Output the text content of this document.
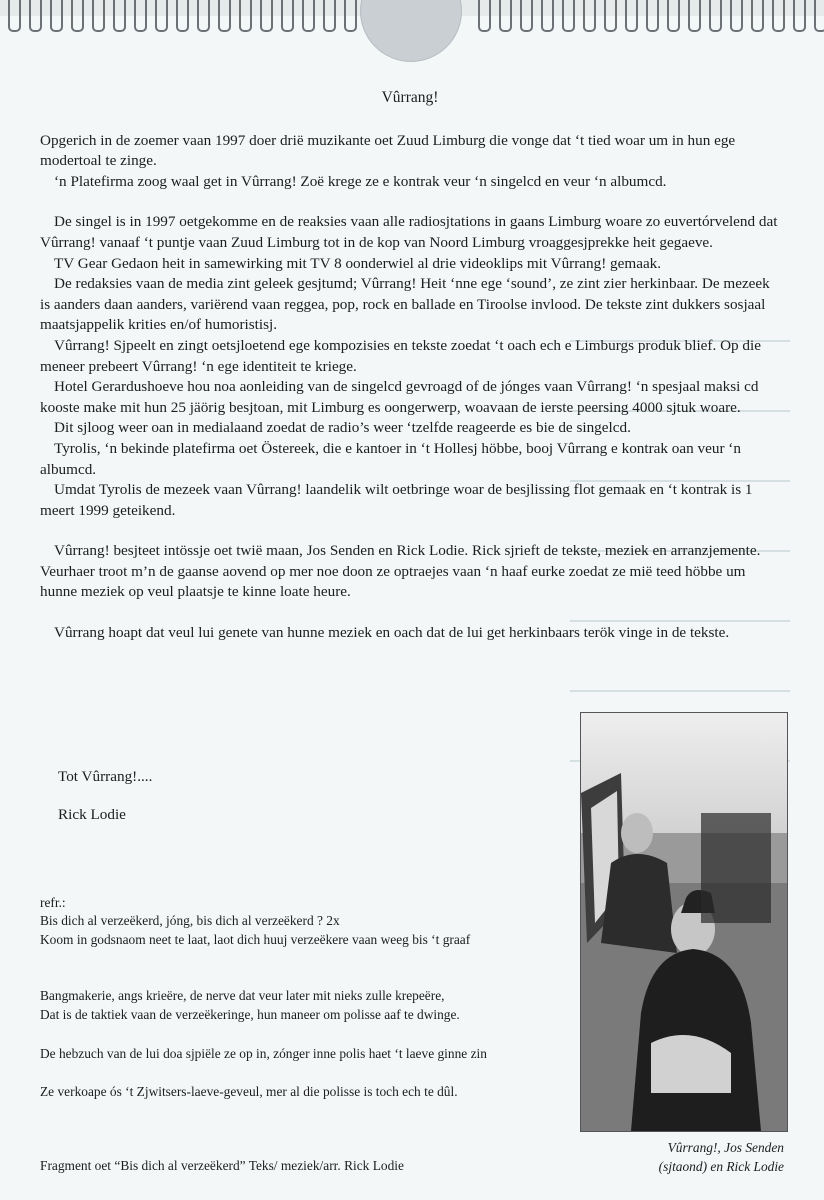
Vûrrang!

Opgerich in de zoemer vaan 1997 doer drië muzikante oet Zuud Limburg die vonge dat ‘t tied woar um in hun ege modertoal te zinge.

‘n Platefirma zoog waal get in Vûrrang! Zoë krege ze e kontrak veur ‘n singelcd en veur ‘n albumcd.

De singel is in 1997 oetgekomme en de reaksies vaan alle radiosjtations in gaans Limburg woare zo euvertórvelend dat Vûrrang! vanaaf ‘t puntje vaan Zuud Limburg tot in de kop van Noord Limburg vroaggesjprekke heit gegaeve.

TV Gear Gedaon heit in samewirking mit TV 8 oonderwiel al drie videoklips mit Vûrrang! gemaak.

De redaksies vaan de media zint geleek gesjtumd; Vûrrang! Heit ‘nne ege ‘sound’, ze zint zier herkinbaar. De mezeek is aanders daan aanders, variërend vaan reggea, pop, rock en ballade en Tiroolse invlood. De tekste zint dukkers sosjaal maatsjappelik krities en/of humoristisj.

Vûrrang! Sjpeelt en zingt oetsjloetend ege kompozisies en tekste zoedat ‘t oach ech e Limburgs produk blief. Op die meneer prebeert Vûrrang! ‘n ege identiteit te kriege.

Hotel Gerardushoeve hou noa aonleiding van de singelcd gevroagd of de jónges vaan Vûrrang! ‘n spesjaal maksi cd kooste make mit hun 25 jäörig besjtoan, mit Limburg es oongerwerp, woavaan de ierste peersing 4000 sjtuk woare.

Dit sjloog weer oan in medialaand zoedat de radio’s weer ‘tzelfde reageerde es bie de singelcd.

Tyrolis, ‘n bekinde platefirma oet Östereek, die e kantoer in ‘t Hollesj höbbe, booj Vûrrang e kontrak oan veur ‘n albumcd.

Umdat Tyrolis de mezeek vaan Vûrrang! laandelik wilt oetbringe woar de besjlissing flot gemaak en ‘t kontrak is 1 meert 1999 geteikend.

Vûrrang! besjteet intössje oet twië maan, Jos Senden en Rick Lodie. Rick sjrieft de tekste, meziek en arranzjemente. Veurhaer troot m’n de gaanse aovend op mer noe doon ze optraejes vaan ‘n haaf eurke zoedat ze mië teed höbbe um hunne meziek op veul plaatsje te kinne loate heure.

Vûrrang hoapt dat veul lui genete van hunne meziek en oach dat de lui get herkinbaars terök vinge in de tekste.

Tot Vûrrang!....
Rick Lodie
refr.:
Bis dich al verzeëkerd, jóng, bis dich al verzeëkerd ? 2x
Koom in godsnaom neet te laat, laot dich huuj verzeëkere vaan weeg bis ‘t graaf
Bangmakerie, angs krieëre, de nerve dat veur later mit nieks zulle krepeëre,
Dat is de taktiek vaan de verzeëkeringe, hun maneer om polisse aaf te dwinge.
De hebzuch van de lui doa sjpiële ze op in, zónger inne polis haet ‘t laeve ginne zin
Ze verkoape ós ‘t Zjwitsers-laeve-geveul, mer al die polisse is toch ech te dûl.
Vûrrang!, Jos Senden
(sjtaond) en Rick Lodie
Fragment oet “Bis dich al verzeëkerd” Teks/ meziek/arr. Rick Lodie
